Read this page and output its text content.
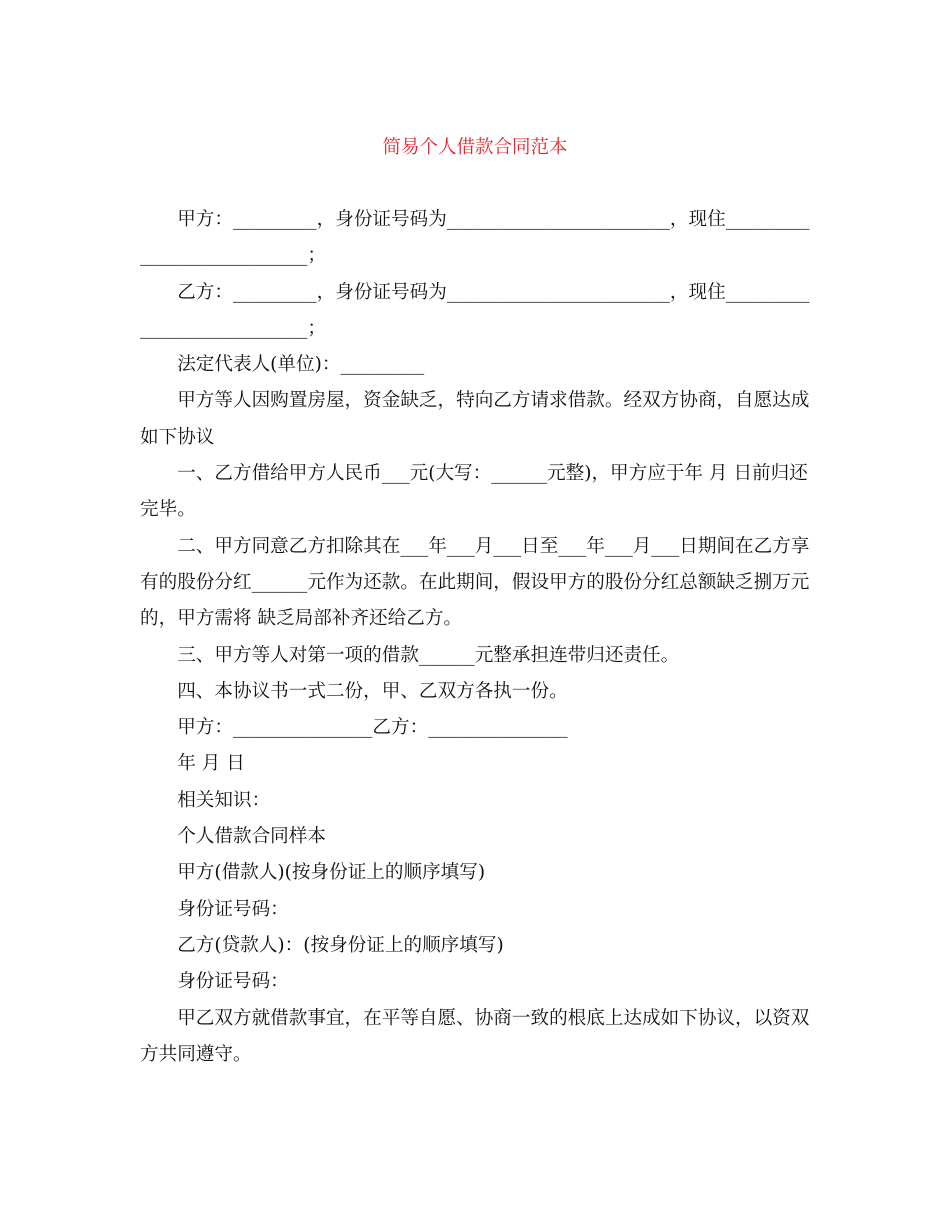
简易个人借款合同范本

甲方：_________，身份证号码为________________________，现住___________________________；

乙方：_________，身份证号码为________________________，现住___________________________；

法定代表人(单位)：_________

甲方等人因购置房屋，资金缺乏，特向乙方请求借款。经双方协商，自愿达成如下协议

一、乙方借给甲方人民币___元(大写：______元整)，甲方应于年 月 日前归还完毕。

二、甲方同意乙方扣除其在___年___月___日至___年___月___日期间在乙方享有的股份分红______元作为还款。在此期间，假设甲方的股份分红总额缺乏捌万元的，甲方需将 缺乏局部补齐还给乙方。

三、甲方等人对第一项的借款______元整承担连带归还责任。

四、本协议书一式二份，甲、乙双方各执一份。

甲方：_______________乙方：_______________

年 月 日

相关知识：

个人借款合同样本

甲方(借款人)(按身份证上的顺序填写)

身份证号码：

乙方(贷款人)：(按身份证上的顺序填写)

身份证号码：

甲乙双方就借款事宜，在平等自愿、协商一致的根底上达成如下协议，以资双方共同遵守。
